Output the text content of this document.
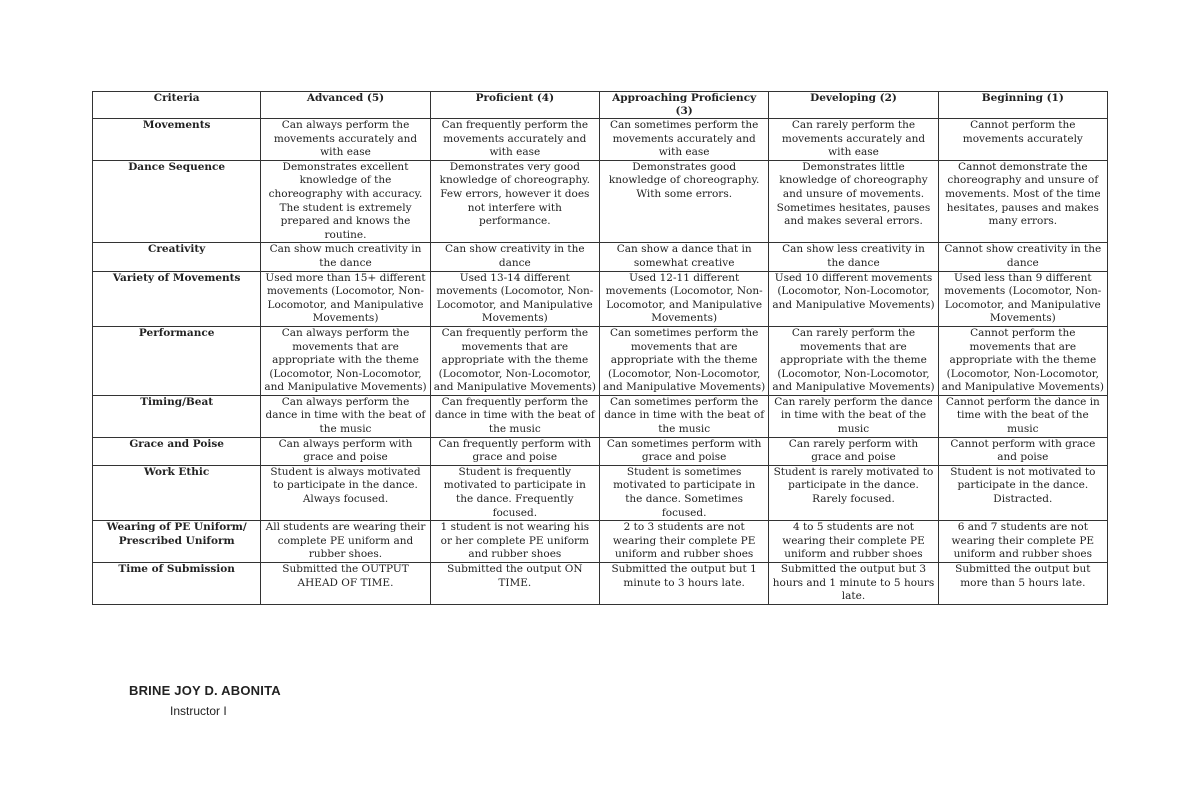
Criteria	Advanced (5)	Proficient (4)	Approaching Proficiency (3)	Developing (2)	Beginning (1)
Movements	Can always perform the movements accurately and with ease	Can frequently perform the movements accurately and with ease	Can sometimes perform the movements accurately and with ease	Can rarely perform the movements accurately and with ease	Cannot perform the movements accurately
Dance Sequence	Demonstrates excellent knowledge of the choreography with accuracy. The student is extremely prepared and knows the routine.	Demonstrates very good knowledge of choreography. Few errors, however it does not interfere with performance.	Demonstrates good knowledge of choreography. With some errors.	Demonstrates little knowledge of choreography and unsure of movements. Sometimes hesitates, pauses and makes several errors.	Cannot demonstrate the choreography and unsure of movements. Most of the time hesitates, pauses and makes many errors.
Creativity	Can show much creativity in the dance	Can show creativity in the dance	Can show a dance that in somewhat creative	Can show less creativity in the dance	Cannot show creativity in the dance
Variety of Movements	Used more than 15+ different movements (Locomotor, Non-Locomotor, and Manipulative Movements)	Used 13-14 different movements (Locomotor, Non-Locomotor, and Manipulative Movements)	Used 12-11 different movements (Locomotor, Non-Locomotor, and Manipulative Movements)	Used 10 different movements (Locomotor, Non-Locomotor, and Manipulative Movements)	Used less than 9 different movements (Locomotor, Non-Locomotor, and Manipulative Movements)
Performance	Can always perform the movements that are appropriate with the theme (Locomotor, Non-Locomotor, and Manipulative Movements)	Can frequently perform the movements that are appropriate with the theme (Locomotor, Non-Locomotor, and Manipulative Movements)	Can sometimes perform the movements that are appropriate with the theme (Locomotor, Non-Locomotor, and Manipulative Movements)	Can rarely perform the movements that are appropriate with the theme (Locomotor, Non-Locomotor, and Manipulative Movements)	Cannot perform the movements that are appropriate with the theme (Locomotor, Non-Locomotor, and Manipulative Movements)
Timing/Beat	Can always perform the dance in time with the beat of the music	Can frequently perform the dance in time with the beat of the music	Can sometimes perform the dance in time with the beat of the music	Can rarely perform the dance in time with the beat of the music	Cannot perform the dance in time with the beat of the music
Grace and Poise	Can always perform with grace and poise	Can frequently perform with grace and poise	Can sometimes perform with grace and poise	Can rarely perform with grace and poise	Cannot perform with grace and poise
Work Ethic	Student is always motivated to participate in the dance. Always focused.	Student is frequently motivated to participate in the dance. Frequently focused.	Student is sometimes motivated to participate in the dance. Sometimes focused.	Student is rarely motivated to participate in the dance. Rarely focused.	Student is not motivated to participate in the dance. Distracted.
Wearing of PE Uniform/ Prescribed Uniform	All students are wearing their complete PE uniform and rubber shoes.	1 student is not wearing his or her complete PE uniform and rubber shoes	2 to 3 students are not wearing their complete PE uniform and rubber shoes	4 to 5 students are not wearing their complete PE uniform and rubber shoes	6 and 7 students are not wearing their complete PE uniform and rubber shoes
Time of Submission	Submitted the OUTPUT AHEAD OF TIME.	Submitted the output ON TIME.	Submitted the output but 1 minute to 3 hours late.	Submitted the output but 3 hours and 1 minute to 5 hours late.	Submitted the output but more than 5 hours late.
BRINE JOY D. ABONITA
Instructor I
